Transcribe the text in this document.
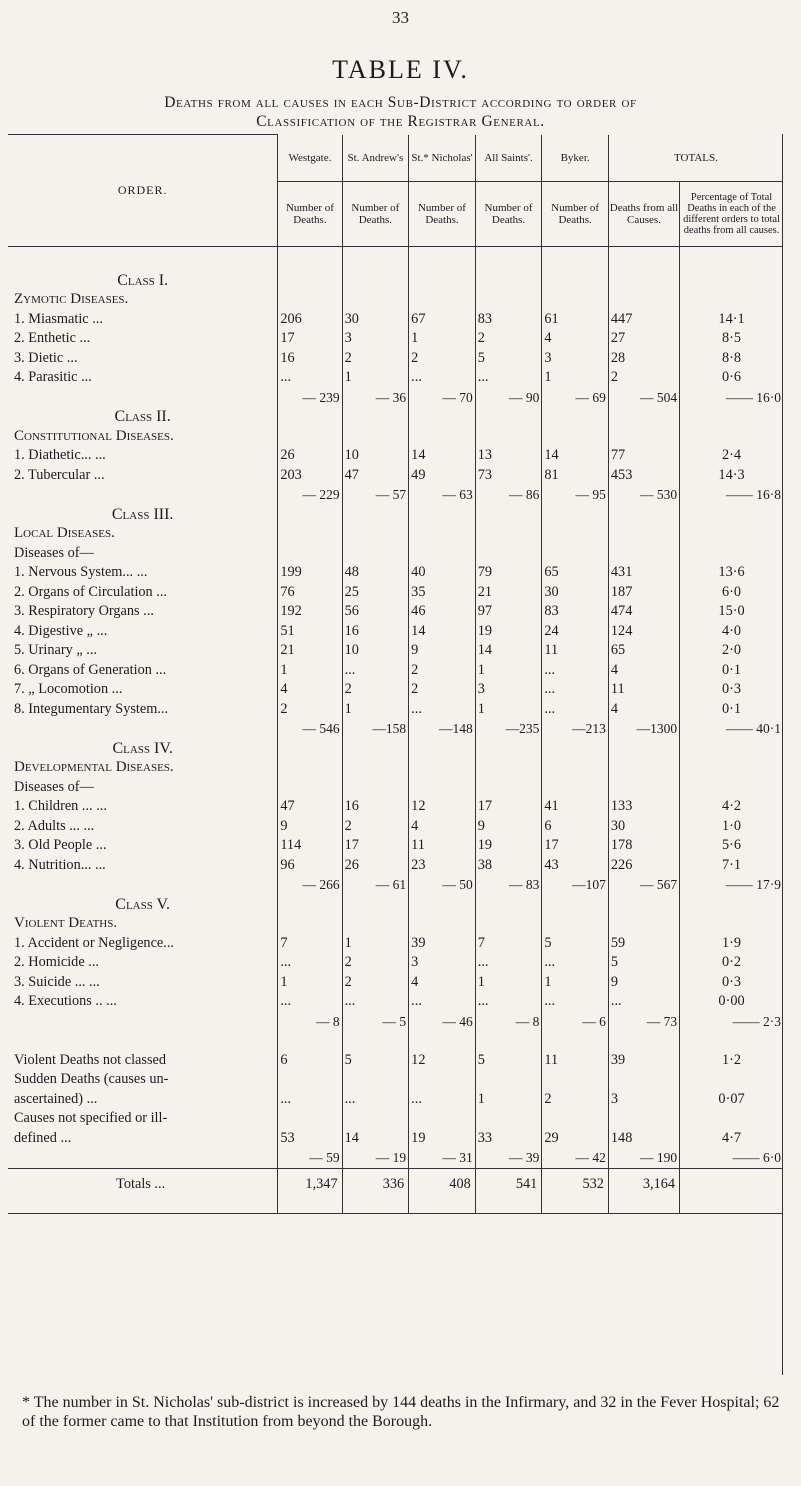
33
TABLE IV.
Deaths from all causes in each Sub-District according to order of
Classification of the Registrar General.
ORDER.	Westgate.	St. Andrew's	St.* Nicholas'	All Saints'.	Byker.	TOTALS.	
	Number of Deaths.	Number of Deaths.	Number of Deaths.	Number of Deaths.	Number of Deaths.	Deaths from all Causes.	Percentage of Total Deaths in each of the different orders to total deaths from all causes.

Class I.							
Zymotic Diseases.							
1. Miasmatic ...	206	30	67	83	61	447	14·1
2. Enthetic ...	17	3	1	2	4	27	8·5
3. Dietic ...	16	2	2	5	3	28	8·8
4. Parasitic ...	...	1	...	...	1	2	0·6
	— 239	— 36	— 70	— 90	— 69	— 504	—— 16·0
Class II.							
Constitutional Diseases.							
1. Diathetic... ...	26	10	14	13	14	77	2·4
2. Tubercular ...	203	47	49	73	81	453	14·3
	— 229	— 57	— 63	— 86	— 95	— 530	—— 16·8
Class III.							
Local Diseases.							
Diseases of—							
1. Nervous System... ...	199	48	40	79	65	431	13·6
2. Organs of Circulation ...	76	25	35	21	30	187	6·0
3. Respiratory Organs ...	192	56	46	97	83	474	15·0
4. Digestive „ ...	51	16	14	19	24	124	4·0
5. Urinary „ ...	21	10	9	14	11	65	2·0
6. Organs of Generation ...	1	...	2	1	...	4	0·1
7. „ Locomotion ...	4	2	2	3	...	11	0·3
8. Integumentary System...	2	1	...	1	...	4	0·1
	— 546	—158	—148	—235	—213	—1300	—— 40·1
Class IV.							
Developmental Diseases.							
Diseases of—							
1. Children ... ...	47	16	12	17	41	133	4·2
2. Adults ... ...	9	2	4	9	6	30	1·0
3. Old People ...	114	17	11	19	17	178	5·6
4. Nutrition... ...	96	26	23	38	43	226	7·1
	— 266	— 61	— 50	— 83	—107	— 567	—— 17·9
Class V.							
Violent Deaths.							
1. Accident or Negligence...	7	1	39	7	5	59	1·9
2. Homicide ...	...	2	3	...	...	5	0·2
3. Suicide ... ...	1	2	4	1	1	9	0·3
4. Executions .. ...	...	...	...	...	...	...	0·00
	— 8	— 5	— 46	— 8	— 6	— 73	—— 2·3

Violent Deaths not classed	6	5	12	5	11	39	1·2
Sudden Deaths (causes un-							
ascertained) ...	...	...	...	1	2	3	0·07
Causes not specified or ill-							
defined ...	53	14	19	33	29	148	4·7
	— 59	— 19	— 31	— 39	— 42	— 190	—— 6·0
Totals ...	1,347	336	408	541	532	3,164	

* The number in St. Nicholas' sub-district is increased by 144 deaths in the Infirmary, and 32 in the Fever Hospital; 62 of the former came to that Institution from beyond the Borough.
